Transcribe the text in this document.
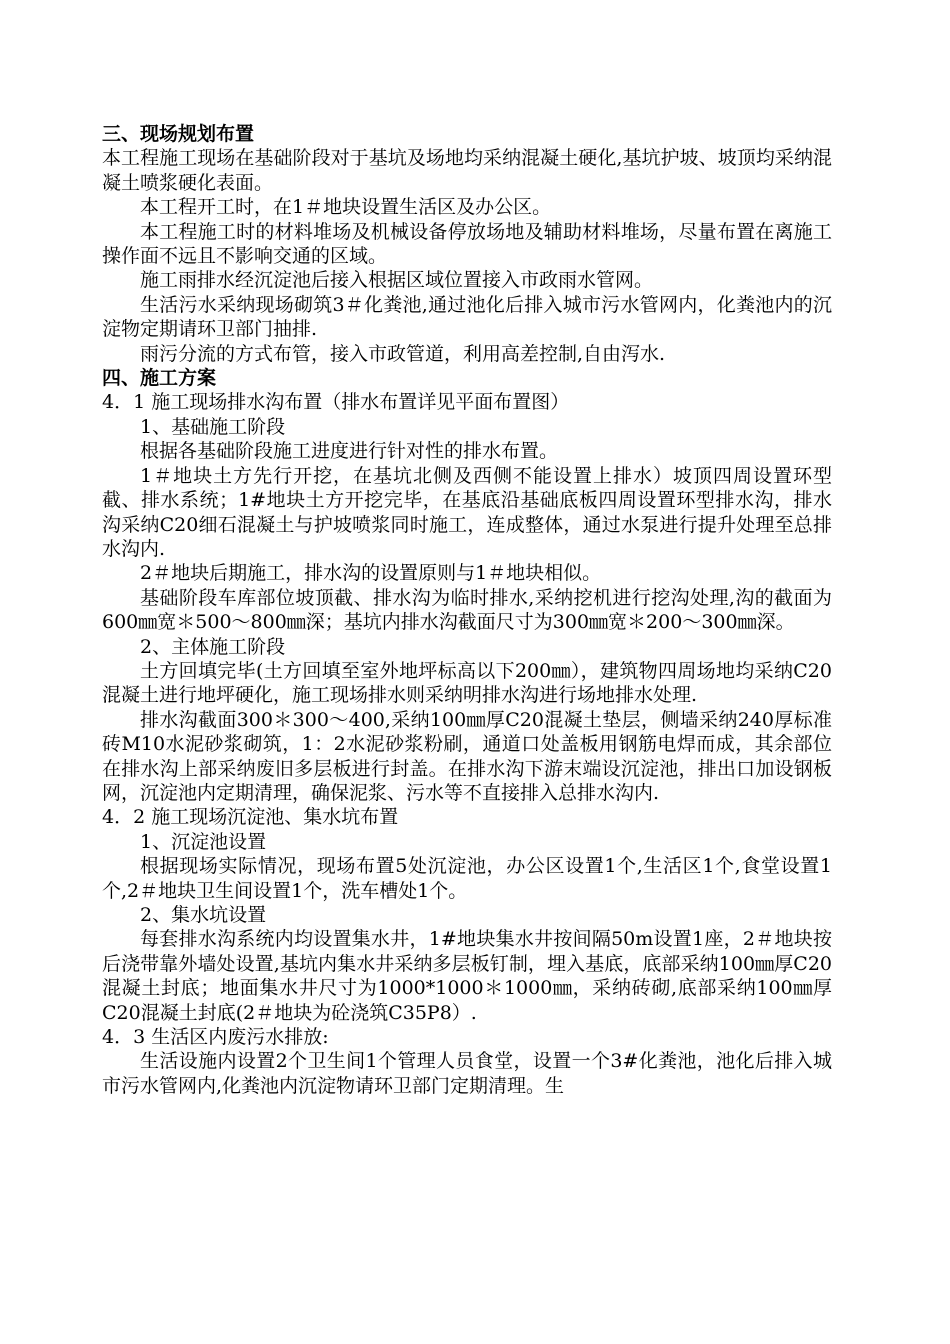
三、现场规划布置
本工程施工现场在基础阶段对于基坑及场地均采纳混凝土硬化,基坑护坡、坡顶均采纳混凝土喷浆硬化表面。
本工程开工时，在1＃地块设置生活区及办公区。
本工程施工时的材料堆场及机械设备停放场地及辅助材料堆场，尽量布置在离施工操作面不远且不影响交通的区域。
施工雨排水经沉淀池后接入根据区域位置接入市政雨水管网。
生活污水采纳现场砌筑3＃化粪池,通过池化后排入城市污水管网内，化粪池内的沉淀物定期请环卫部门抽排.
雨污分流的方式布管，接入市政管道，利用高差控制,自由泻水.
四、施工方案
4．1 施工现场排水沟布置（排水布置详见平面布置图）
1、基础施工阶段
根据各基础阶段施工进度进行针对性的排水布置。
1＃地块土方先行开挖，在基坑北侧及西侧不能设置上排水）坡顶四周设置环型截、排水系统；1#地块土方开挖完毕，在基底沿基础底板四周设置环型排水沟，排水沟采纳C20细石混凝土与护坡喷浆同时施工，连成整体，通过水泵进行提升处理至总排水沟内.
2＃地块后期施工，排水沟的设置原则与1＃地块相似。
基础阶段车库部位坡顶截、排水沟为临时排水,采纳挖机进行挖沟处理,沟的截面为600㎜宽＊500～800㎜深；基坑内排水沟截面尺寸为300㎜宽＊200～300㎜深。
2、主体施工阶段
土方回填完毕(土方回填至室外地坪标高以下200㎜），建筑物四周场地均采纳C20混凝土进行地坪硬化，施工现场排水则采纳明排水沟进行场地排水处理.
排水沟截面300＊300～400,采纳100㎜厚C20混凝土垫层，侧墙采纳240厚标准砖M10水泥砂浆砌筑，1：2水泥砂浆粉刷，通道口处盖板用钢筋电焊而成，其余部位在排水沟上部采纳废旧多层板进行封盖。在排水沟下游末端设沉淀池，排出口加设钢板网，沉淀池内定期清理，确保泥浆、污水等不直接排入总排水沟内.
4．2 施工现场沉淀池、集水坑布置
1、沉淀池设置
根据现场实际情况，现场布置5处沉淀池，办公区设置1个,生活区1个,食堂设置1个,2＃地块卫生间设置1个，洗车槽处1个。
2、集水坑设置
每套排水沟系统内均设置集水井，1#地块集水井按间隔50m设置1座，2＃地块按后浇带靠外墙处设置,基坑内集水井采纳多层板钉制，埋入基底，底部采纳100㎜厚C20混凝土封底；地面集水井尺寸为1000*1000＊1000㎜，采纳砖砌,底部采纳100㎜厚C20混凝土封底(2＃地块为砼浇筑C35P8）.
4．3 生活区内废污水排放:
生活设施内设置2个卫生间1个管理人员食堂，设置一个3#化粪池，池化后排入城市污水管网内,化粪池内沉淀物请环卫部门定期清理。生
